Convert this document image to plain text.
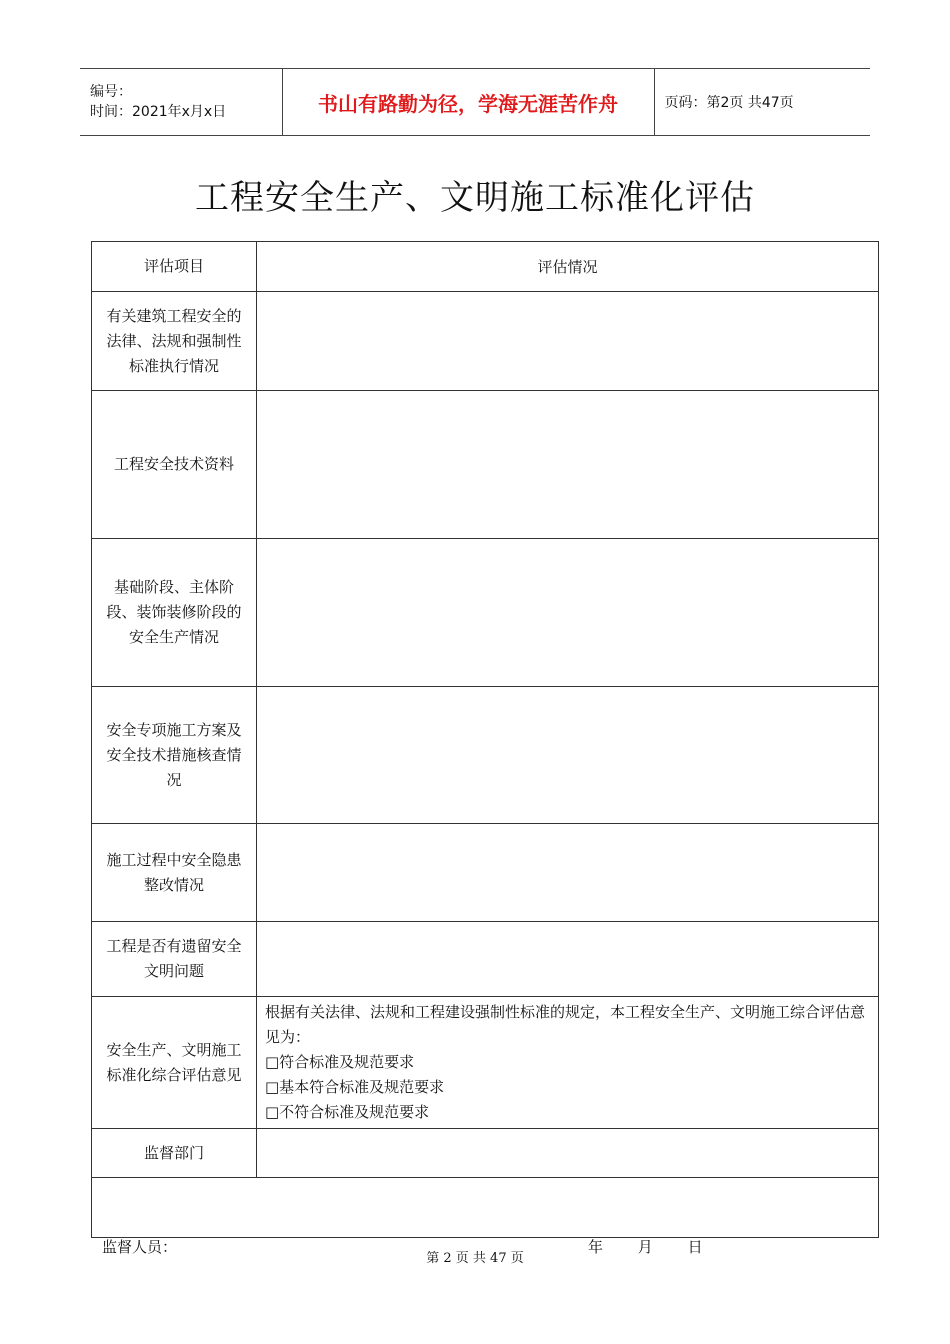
编号：
时间：2021年x月x日	书山有路勤为径，学海无涯苦作舟	页码：第2页 共47页
工程安全生产、文明施工标准化评估
评估项目	评估情况
有关建筑工程安全的法律、法规和强制性标准执行情况	
工程安全技术资料	
基础阶段、主体阶段、装饰装修阶段的安全生产情况	
安全专项施工方案及安全技术措施核查情况	
施工过程中安全隐患整改情况	
工程是否有遗留安全文明问题	
安全生产、文明施工标准化综合评估意见	根据有关法律、法规和工程建设强制性标准的规定，本工程安全生产、文明施工综合评估意见为：
□符合标准及规范要求
□基本符合标准及规范要求
□不符合标准及规范要求

监督部门	

监督人员： 年 月 日	
第 2 页 共 47 页
